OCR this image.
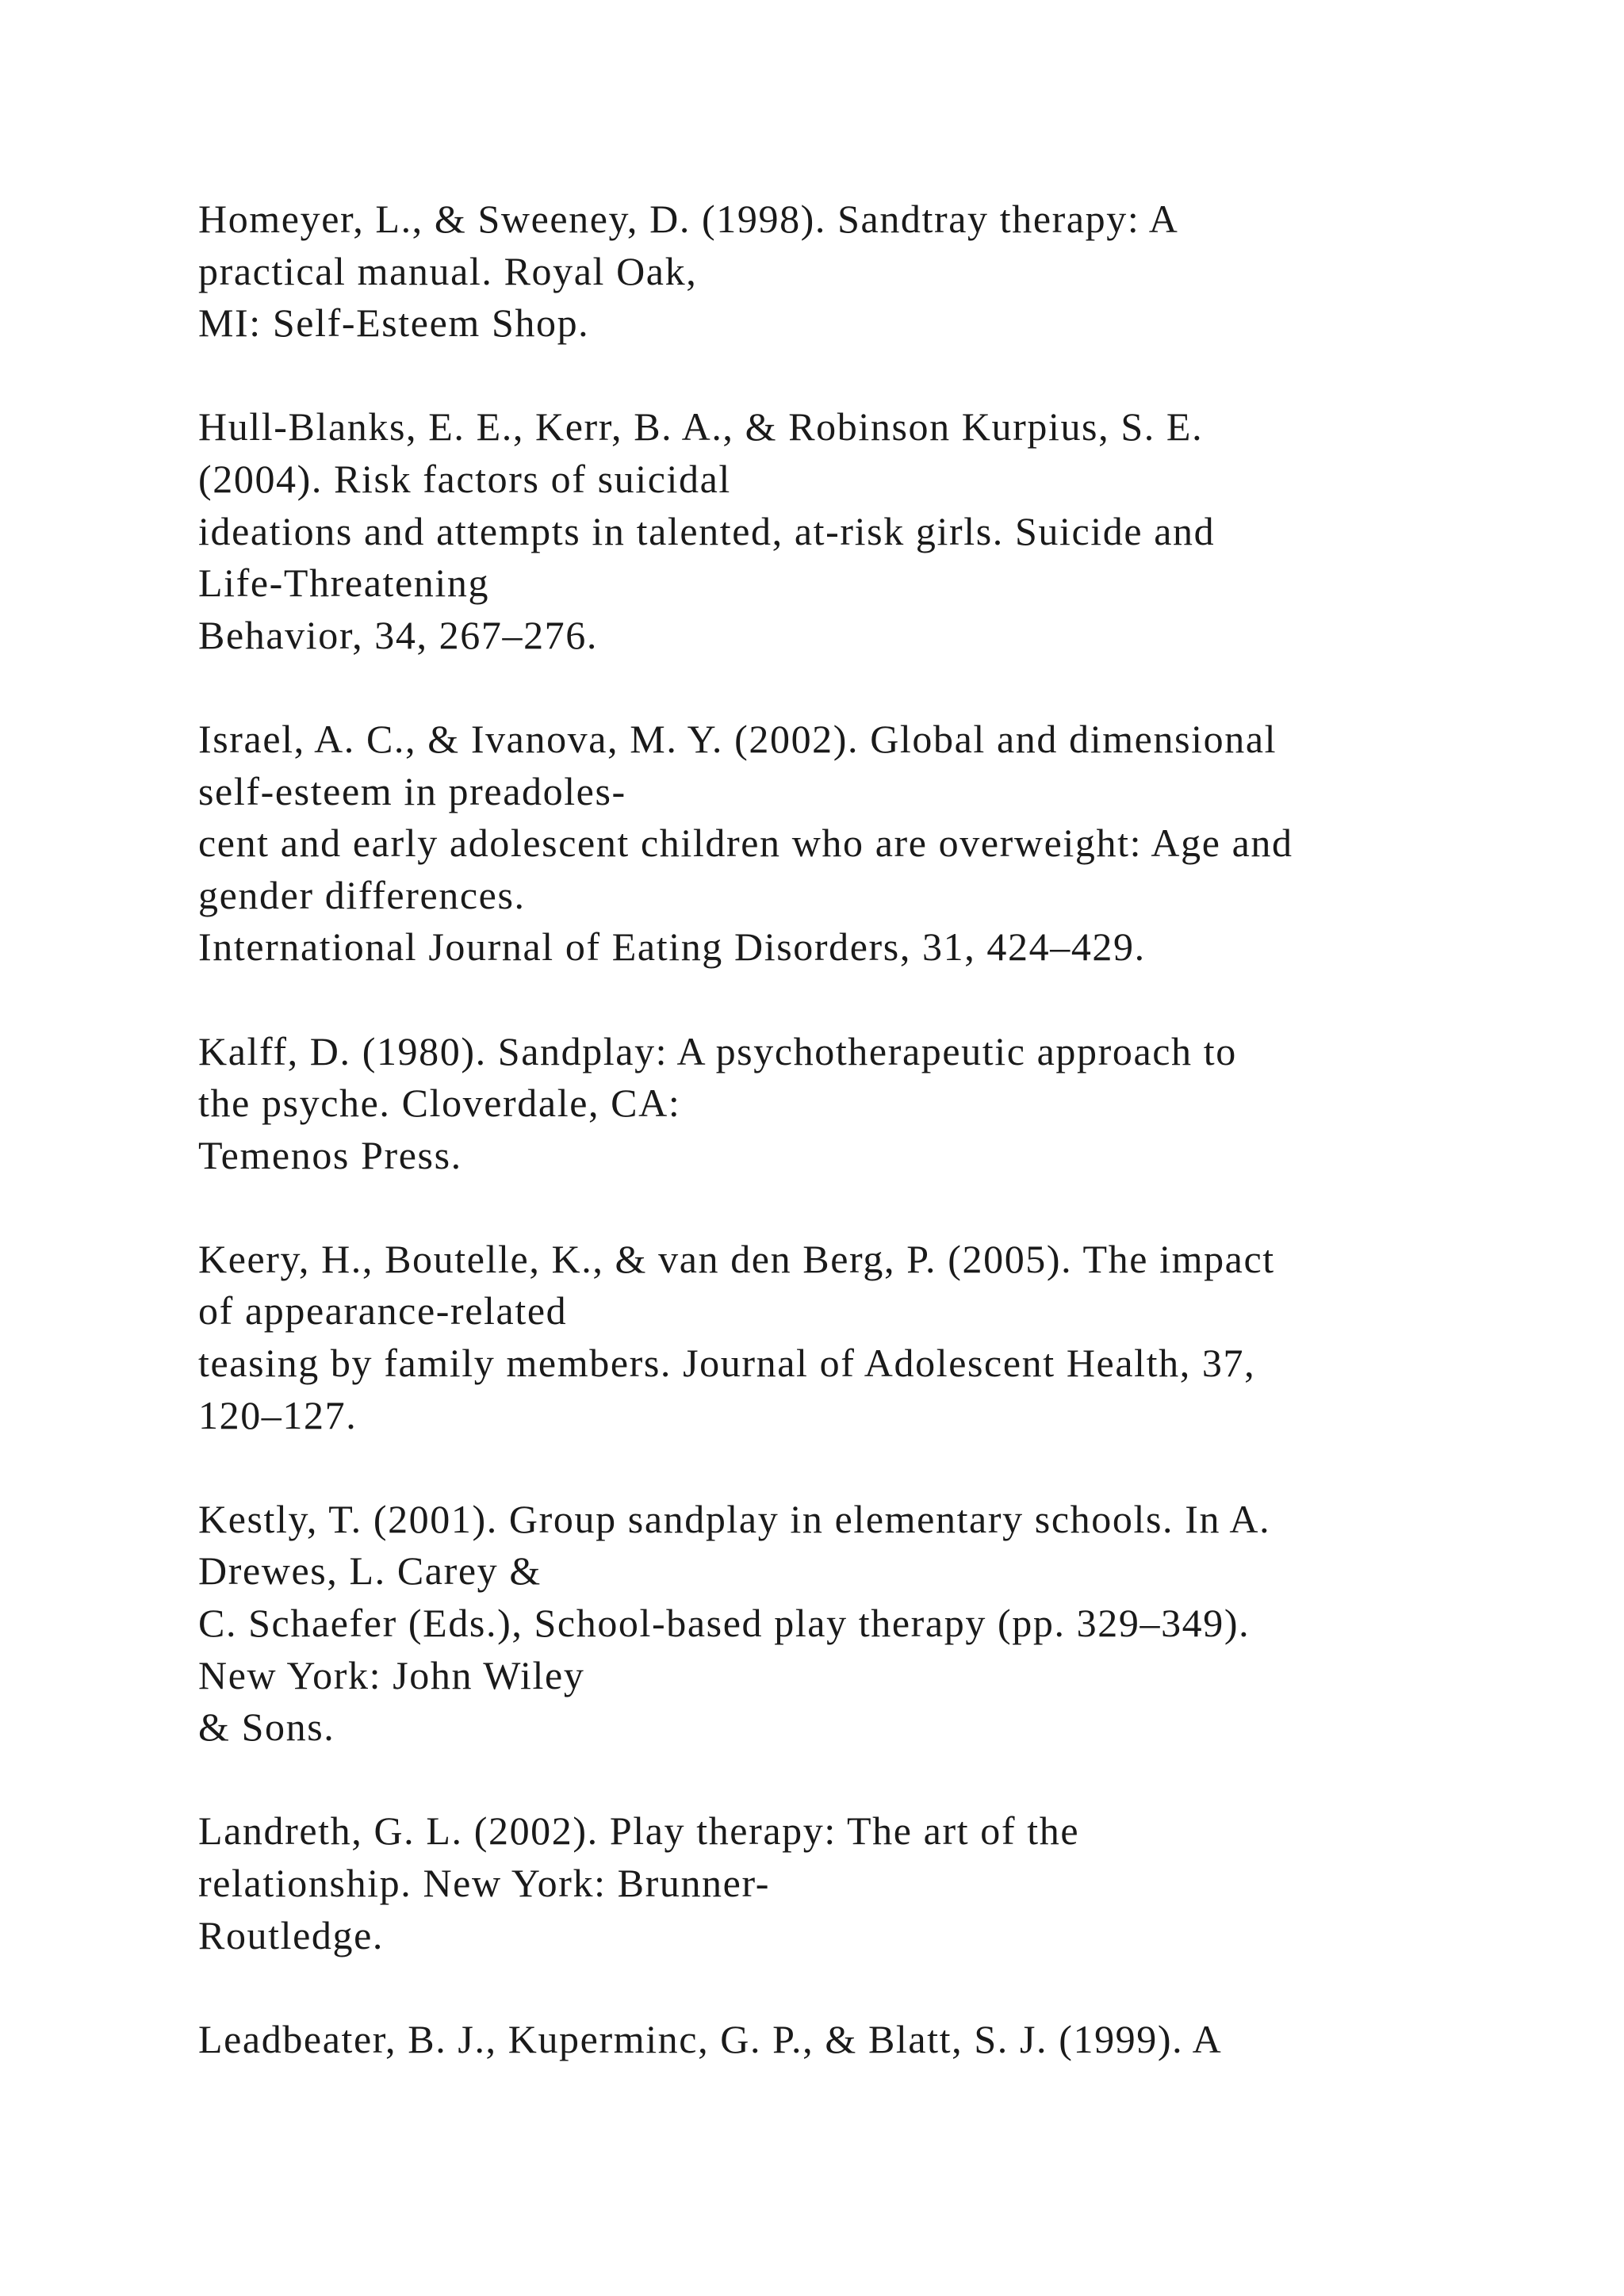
Homeyer, L., & Sweeney, D. (1998). Sandtray therapy: A
practical manual. Royal Oak,
MI: Self-Esteem Shop.
Hull-Blanks, E. E., Kerr, B. A., & Robinson Kurpius, S. E.
(2004). Risk factors of suicidal
ideations and attempts in talented, at-risk girls. Suicide and
Life-Threatening
Behavior, 34, 267–276.
Israel, A. C., & Ivanova, M. Y. (2002). Global and dimensional
self-esteem in preadoles-
cent and early adolescent children who are overweight: Age and
gender differences.
International Journal of Eating Disorders, 31, 424–429.
Kalff, D. (1980). Sandplay: A psychotherapeutic approach to
the psyche. Cloverdale, CA:
Temenos Press.
Keery, H., Boutelle, K., & van den Berg, P. (2005). The impact
of appearance-related
teasing by family members. Journal of Adolescent Health, 37,
120–127.
Kestly, T. (2001). Group sandplay in elementary schools. In A.
Drewes, L. Carey &
C. Schaefer (Eds.), School-based play therapy (pp. 329–349).
New York: John Wiley
& Sons.
Landreth, G. L. (2002). Play therapy: The art of the
relationship. New York: Brunner-
Routledge.
Leadbeater, B. J., Kuperminc, G. P., & Blatt, S. J. (1999). A
